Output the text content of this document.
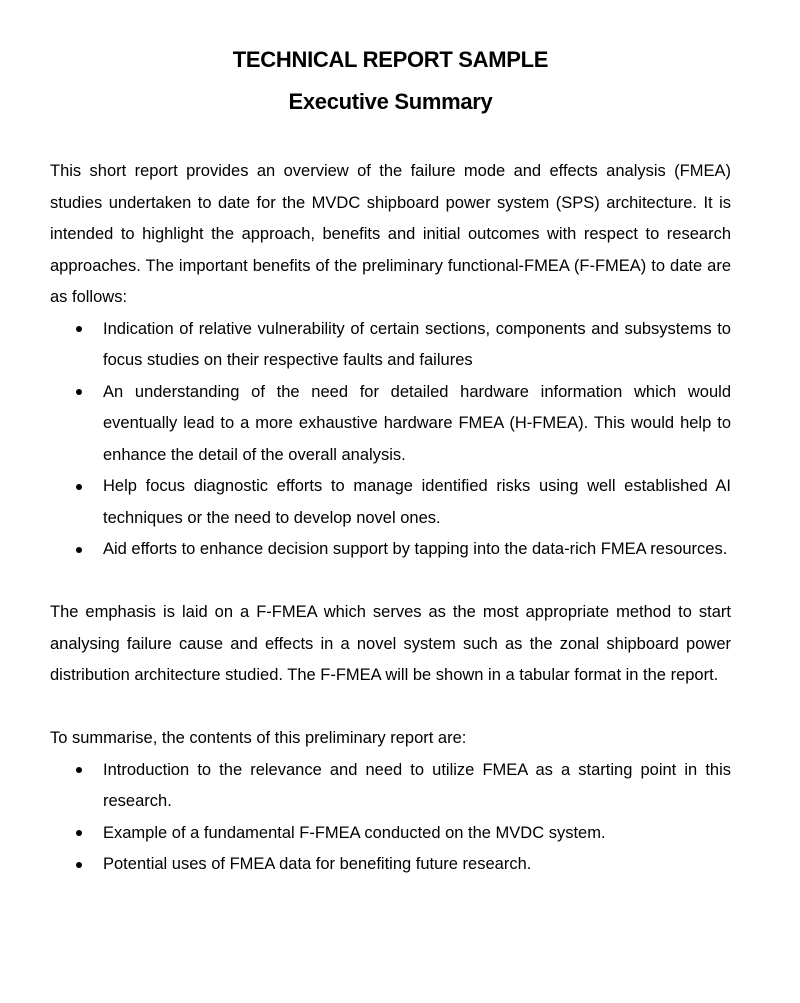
TECHNICAL REPORT SAMPLE
Executive Summary

This short report provides an overview of the failure mode and effects analysis (FMEA) studies undertaken to date for the MVDC shipboard power system (SPS) architecture. It is intended to highlight the approach, benefits and initial outcomes with respect to research approaches. The important benefits of the preliminary functional-FMEA (F-FMEA) to date are as follows:

Indication of relative vulnerability of certain sections, components and subsystems to focus studies on their respective faults and failures
An understanding of the need for detailed hardware information which would eventually lead to a more exhaustive hardware FMEA (H-FMEA). This would help to enhance the detail of the overall analysis.
Help focus diagnostic efforts to manage identified risks using well established AI techniques or the need to develop novel ones.
Aid efforts to enhance decision support by tapping into the data-rich FMEA resources.

The emphasis is laid on a F-FMEA which serves as the most appropriate method to start analysing failure cause and effects in a novel system such as the zonal shipboard power distribution architecture studied. The F-FMEA will be shown in a tabular format in the report.

To summarise, the contents of this preliminary report are:

Introduction to the relevance and need to utilize FMEA as a starting point in this research.
Example of a fundamental F-FMEA conducted on the MVDC system.
Potential uses of FMEA data for benefiting future research.
